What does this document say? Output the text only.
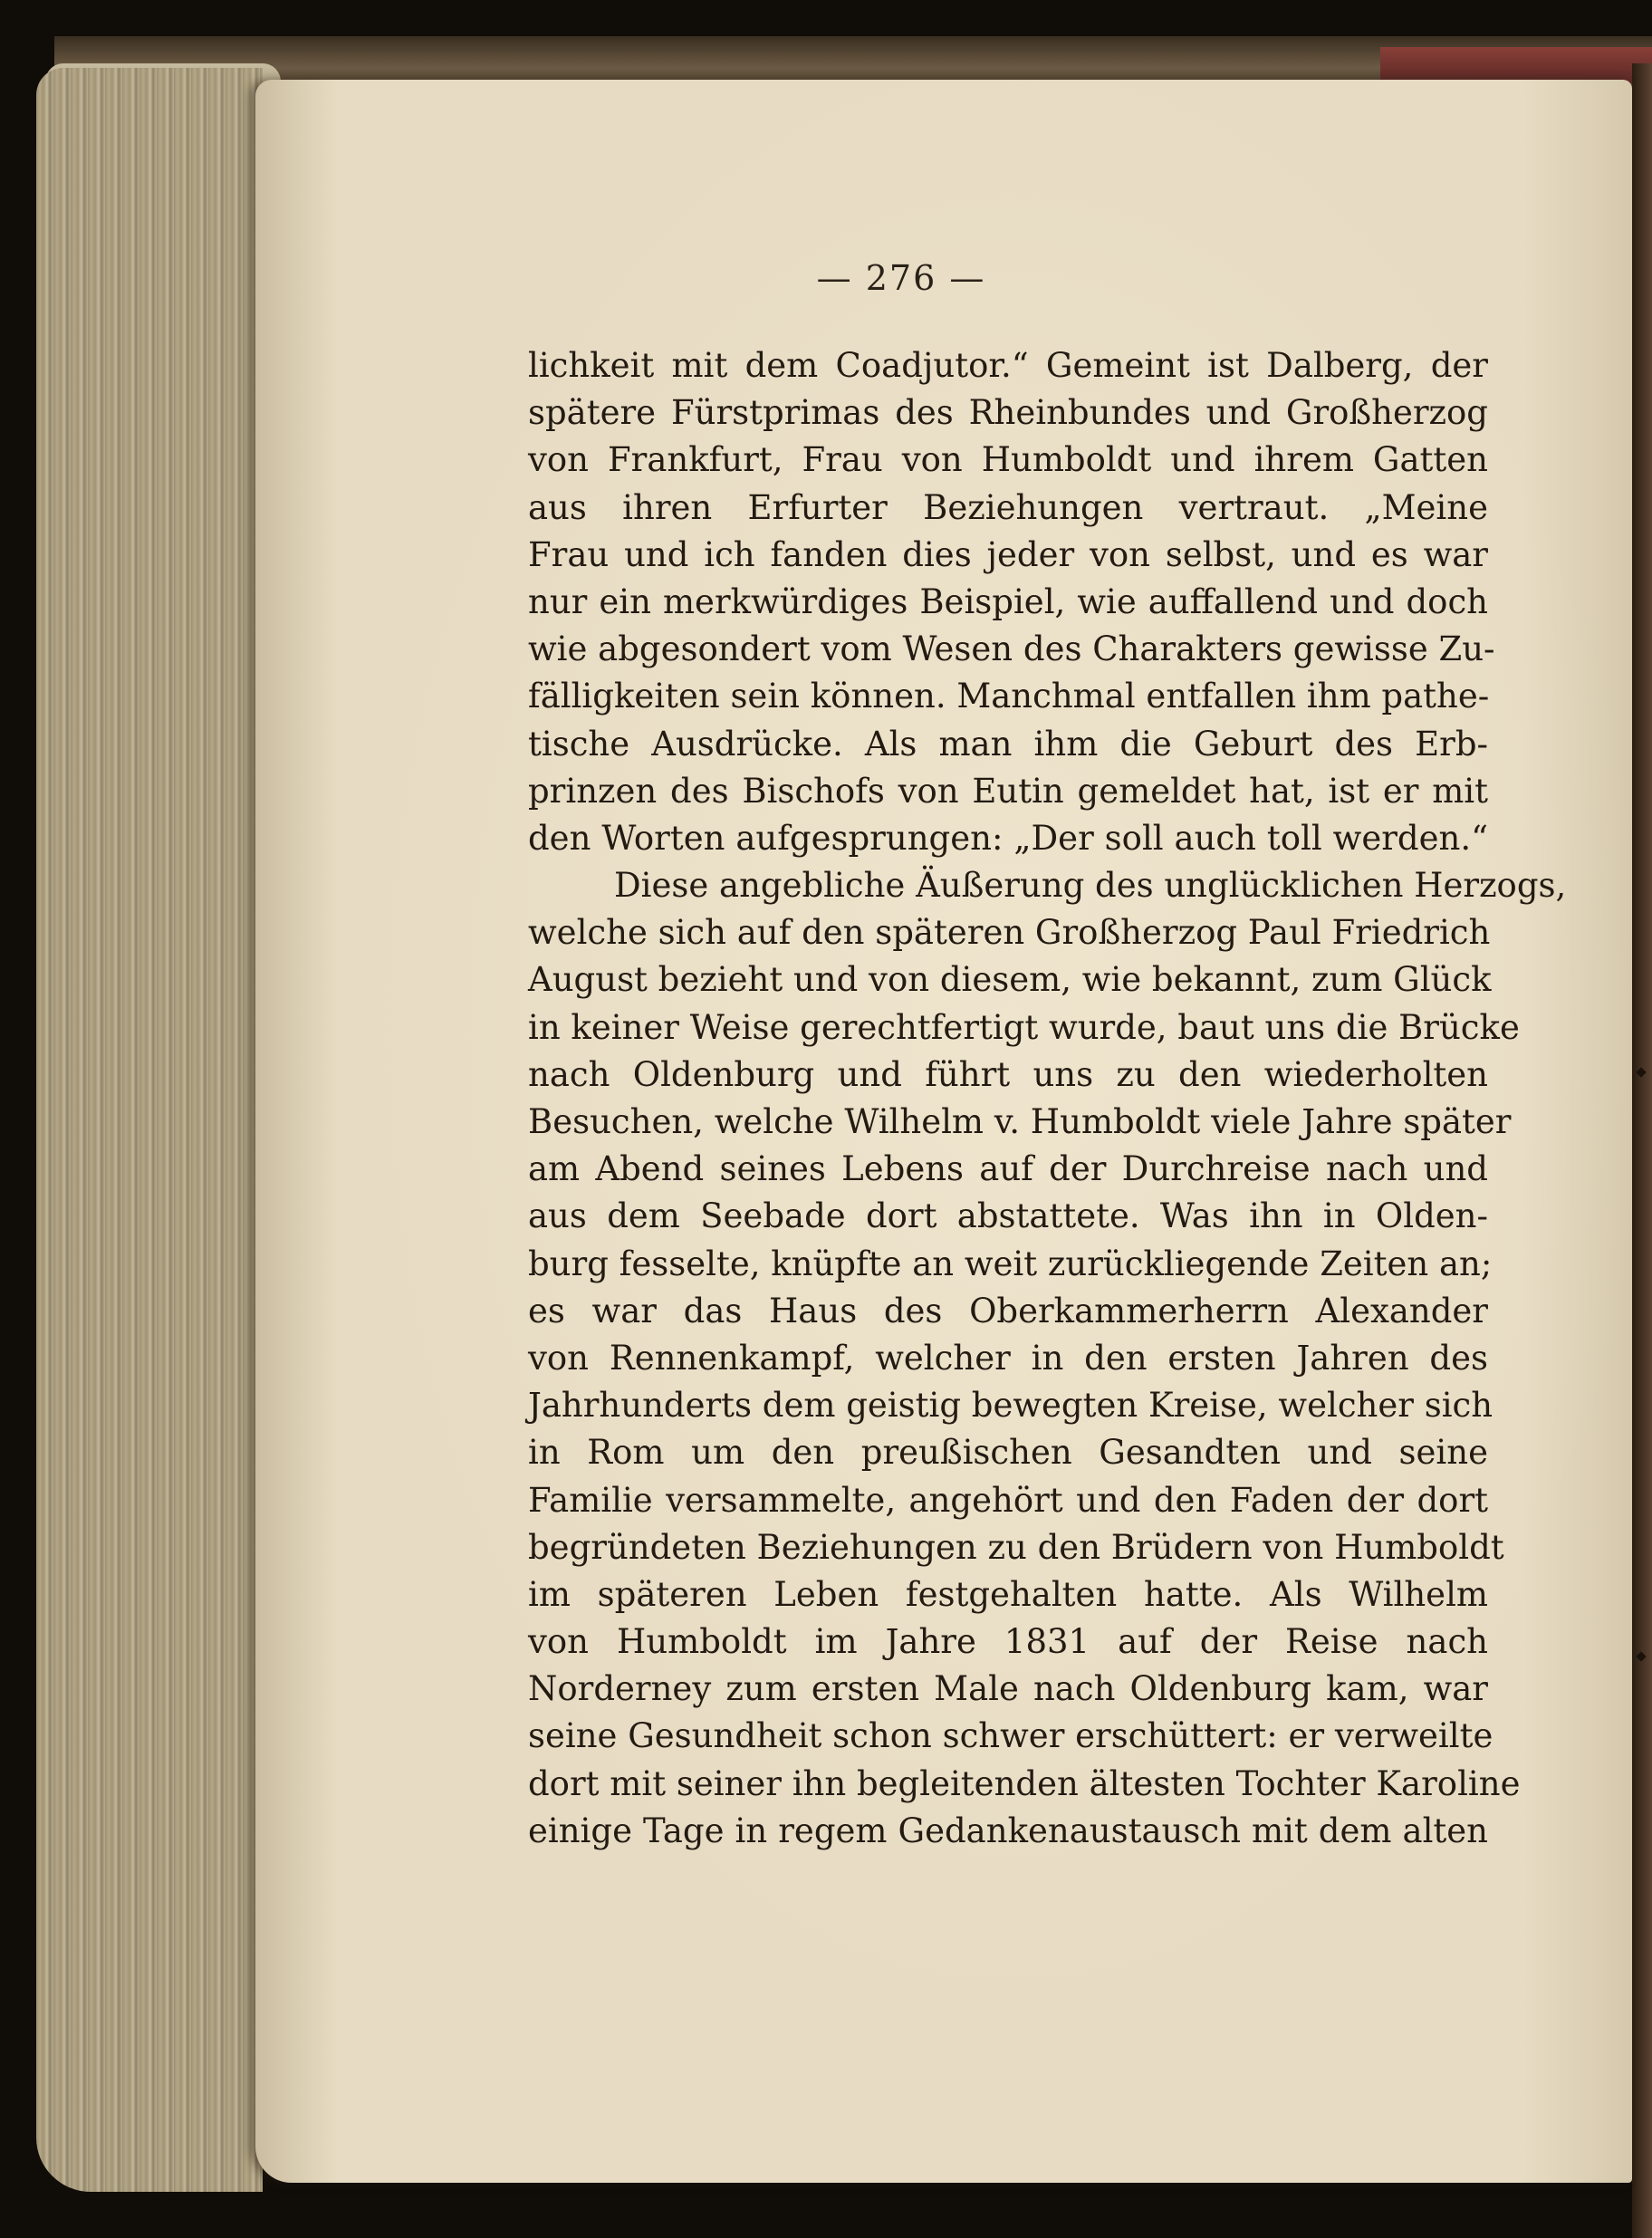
— 276 —
lichkeit mit dem Coadjutor.“ Gemeint ist Dalberg, der
spätere Fürstprimas des Rheinbundes und Großherzog
von Frankfurt, Frau von Humboldt und ihrem Gatten
aus ihren Erfurter Beziehungen vertraut. „Meine
Frau und ich fanden dies jeder von selbst, und es war
nur ein merkwürdiges Beispiel, wie auffallend und doch
wie abgesondert vom Wesen des Charakters gewisse Zu-
fälligkeiten sein können. Manchmal entfallen ihm pathe-
tische Ausdrücke. Als man ihm die Geburt des Erb-
prinzen des Bischofs von Eutin gemeldet hat, ist er mit
den Worten aufgesprungen: „Der soll auch toll werden.“
Diese angebliche Äußerung des unglücklichen Herzogs,
welche sich auf den späteren Großherzog Paul Friedrich
August bezieht und von diesem, wie bekannt, zum Glück
in keiner Weise gerechtfertigt wurde, baut uns die Brücke
nach Oldenburg und führt uns zu den wiederholten
Besuchen, welche Wilhelm v. Humboldt viele Jahre später
am Abend seines Lebens auf der Durchreise nach und
aus dem Seebade dort abstattete. Was ihn in Olden-
burg fesselte, knüpfte an weit zurückliegende Zeiten an;
es war das Haus des Oberkammerherrn Alexander
von Rennenkampf, welcher in den ersten Jahren des
Jahrhunderts dem geistig bewegten Kreise, welcher sich
in Rom um den preußischen Gesandten und seine
Familie versammelte, angehört und den Faden der dort
begründeten Beziehungen zu den Brüdern von Humboldt
im späteren Leben festgehalten hatte. Als Wilhelm
von Humboldt im Jahre 1831 auf der Reise nach
Norderney zum ersten Male nach Oldenburg kam, war
seine Gesundheit schon schwer erschüttert: er verweilte
dort mit seiner ihn begleitenden ältesten Tochter Karoline
einige Tage in regem Gedankenaustausch mit dem alten
